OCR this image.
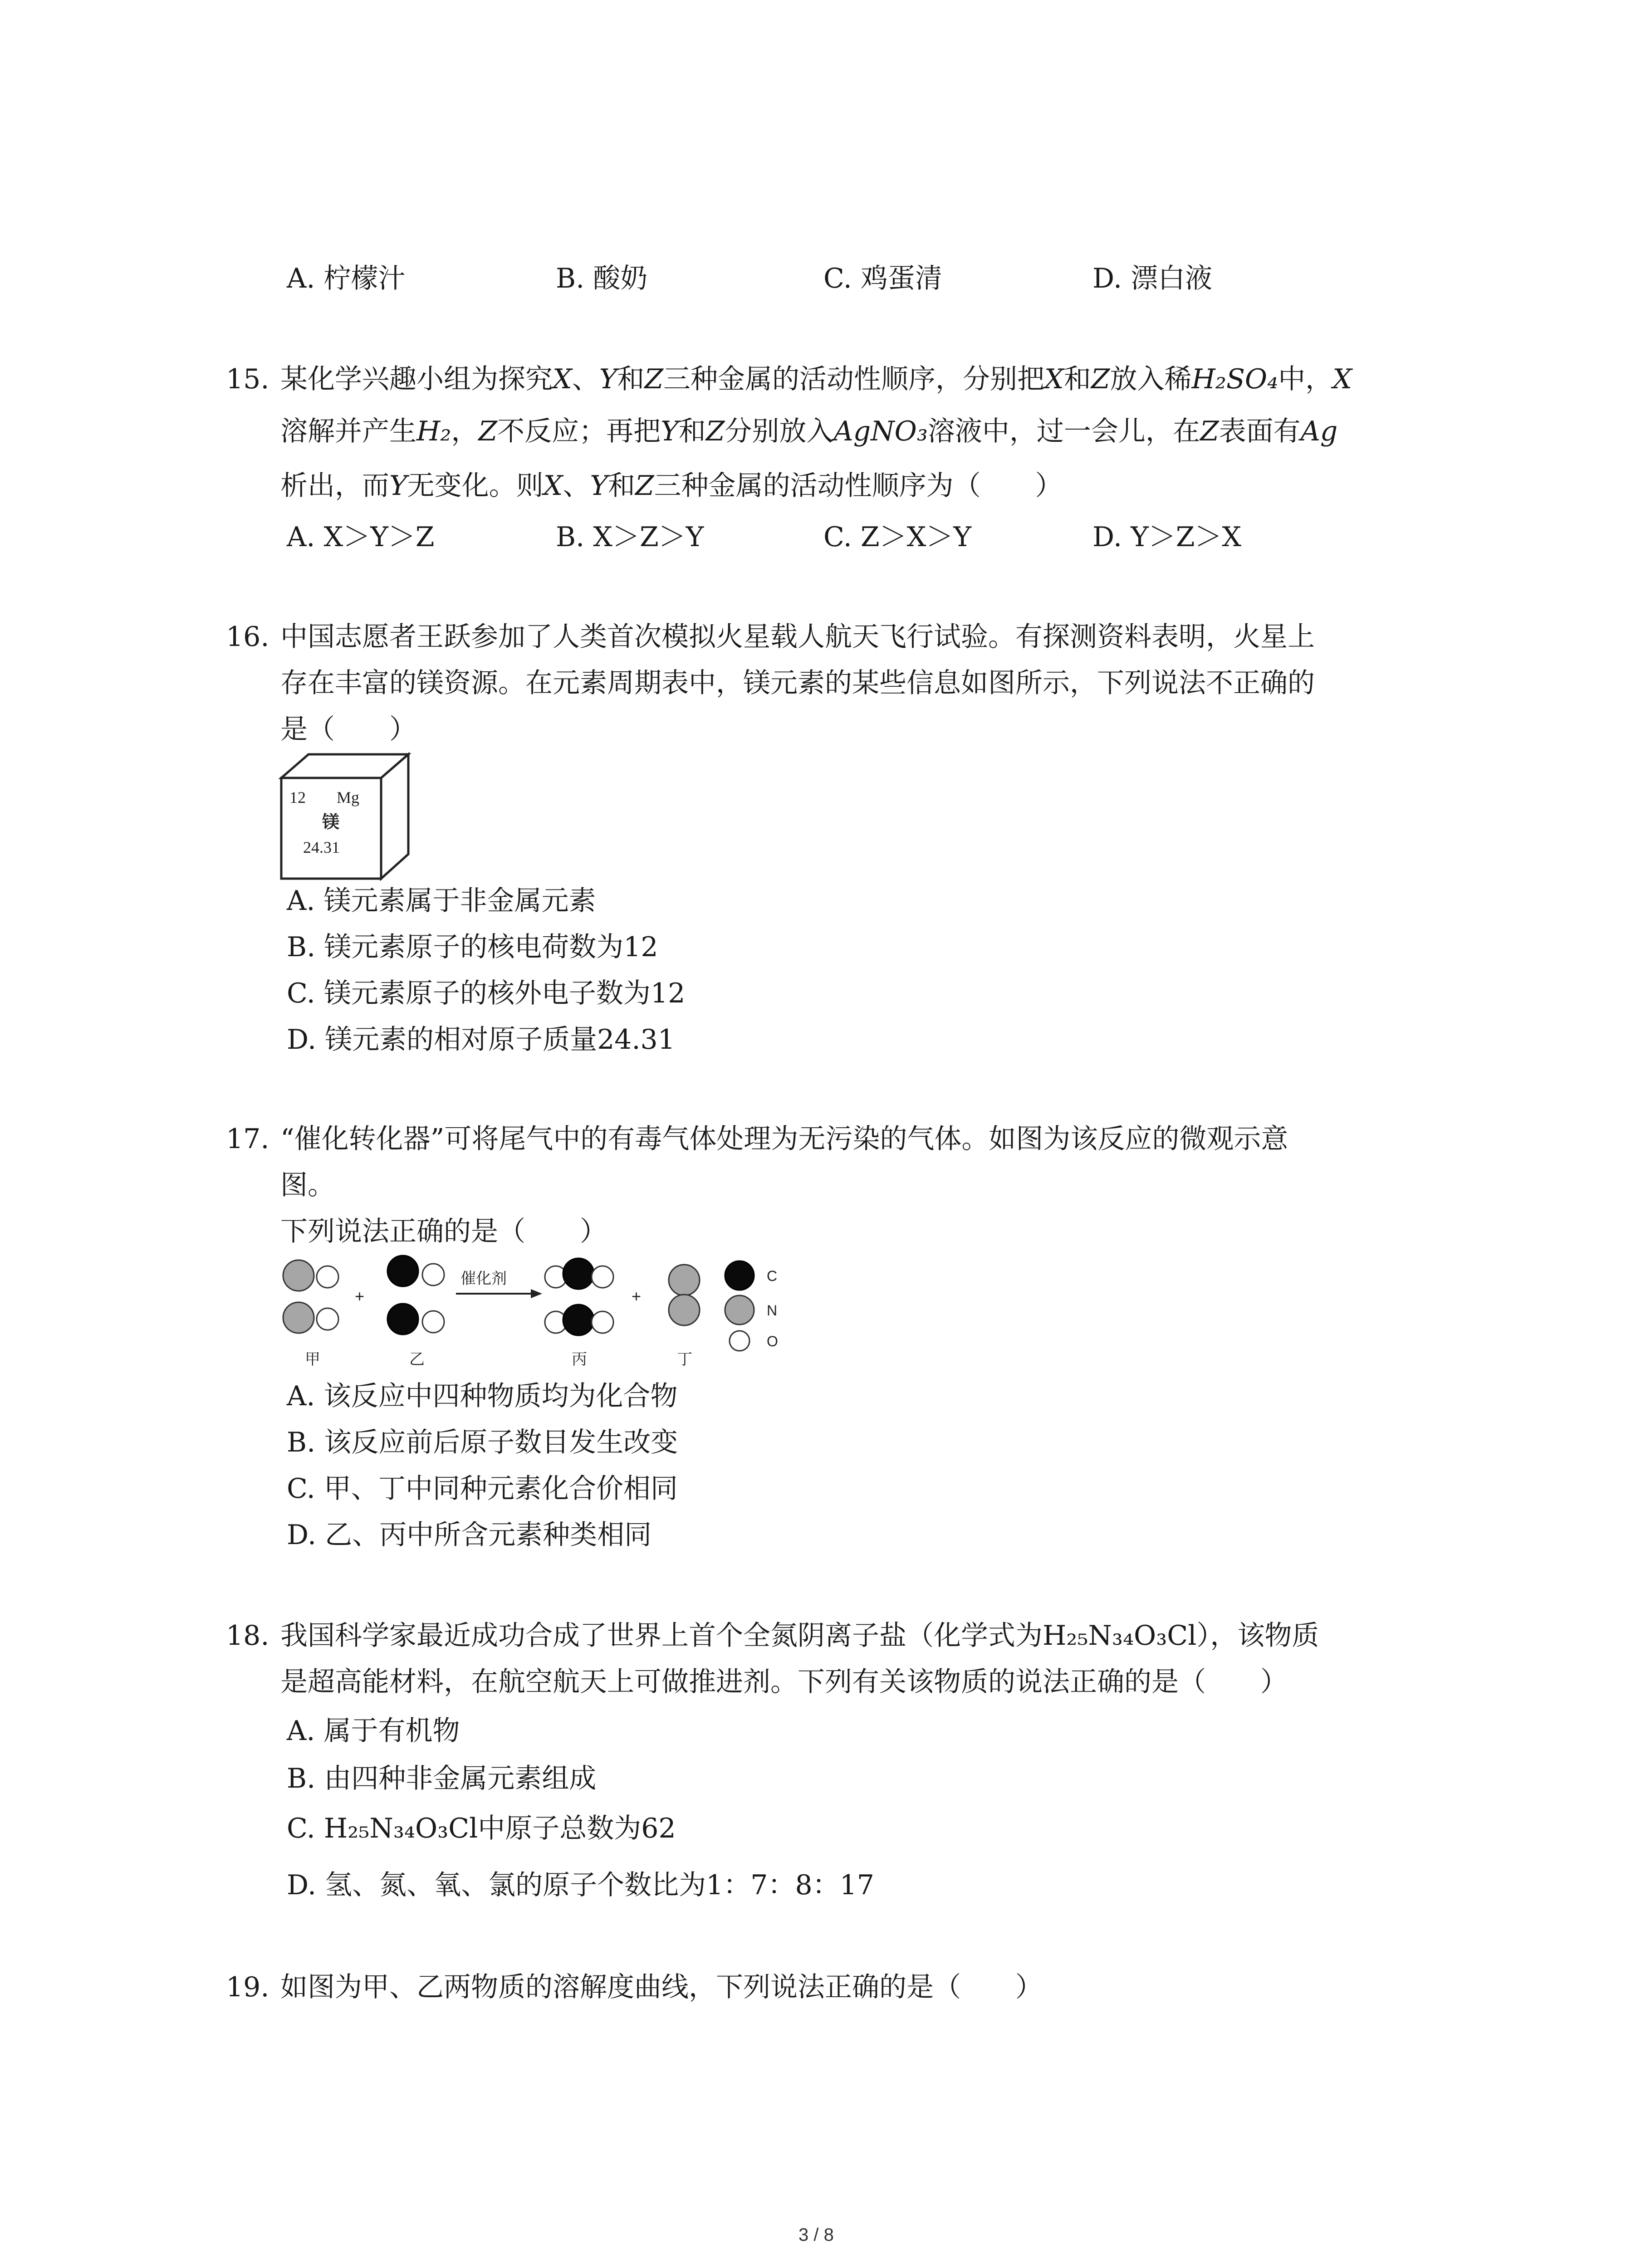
A. 柠檬汁	B. 酸奶	C. 鸡蛋清	D. 漂白液
15. 某化学兴趣小组为探究X、Y和Z三种金属的活动性顺序，分别把X和Z放入稀H₂SO₄中，X
溶解并产生H₂，Z不反应；再把Y和Z分别放入AgNO₃溶液中，过一会儿，在Z表面有Ag
析出，而Y无变化。则X、Y和Z三种金属的活动性顺序为（　　）
A. X＞Y＞Z	B. X＞Z＞Y	C. Z＞X＞Y	D. Y＞Z＞X
16. 中国志愿者王跃参加了人类首次模拟火星载人航天飞行试验。有探测资料表明，火星上
存在丰富的镁资源。在元素周期表中，镁元素的某些信息如图所示，下列说法不正确的
是（　　）
12 Mg
镁
24.31
A. 镁元素属于非金属元素
B. 镁元素原子的核电荷数为12
C. 镁元素原子的核外电子数为12
D. 镁元素的相对原子质量24.31
17. “催化转化器”可将尾气中的有毒气体处理为无污染的气体。如图为该反应的微观示意
图。
下列说法正确的是（　　）
+
催化剂
+
C
N
O
甲	乙	丙	丁
A. 该反应中四种物质均为化合物
B. 该反应前后原子数目发生改变
C. 甲、丁中同种元素化合价相同
D. 乙、丙中所含元素种类相同
18. 我国科学家最近成功合成了世界上首个全氮阴离子盐（化学式为H₂₅N₃₄O₃Cl），该物质
是超高能材料，在航空航天上可做推进剂。下列有关该物质的说法正确的是（　　）
A. 属于有机物
B. 由四种非金属元素组成
C. H₂₅N₃₄O₃Cl中原子总数为62
D. 氢、氮、氧、氯的原子个数比为1：7：8：17
19. 如图为甲、乙两物质的溶解度曲线，下列说法正确的是（　　）
3 / 8
